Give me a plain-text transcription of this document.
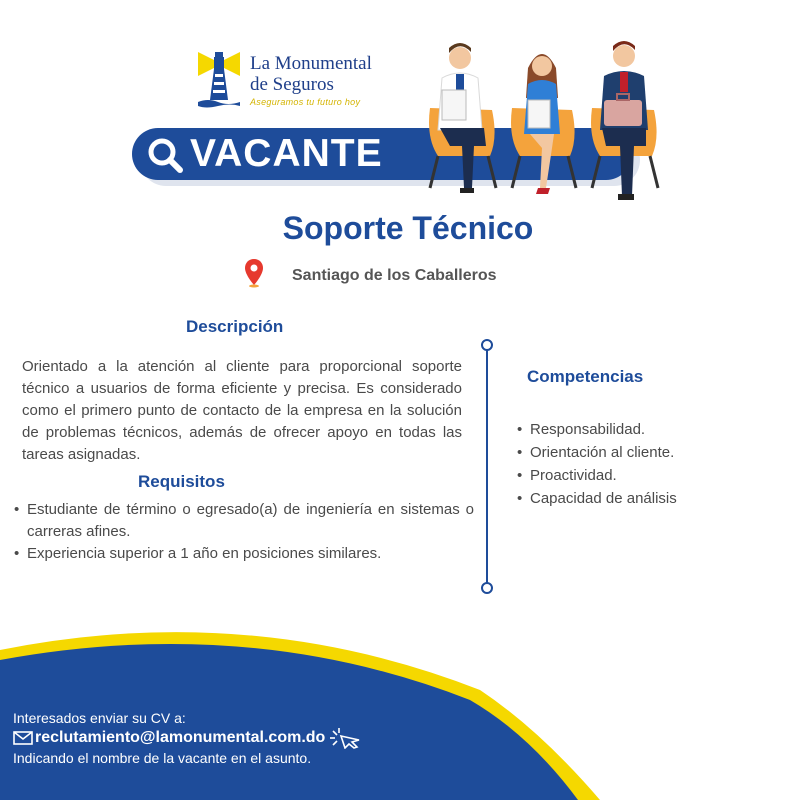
La Monumental
de Seguros
Aseguramos tu futuro hoy
VACANTE
Soporte Técnico
Santiago de los Caballeros
Descripción

Orientado a la atención al cliente para proporcional soporte técnico a usuarios de forma eficiente y precisa. Es considerado como el primero punto de contacto de la empresa en la solución de problemas técnicos, además de ofrecer apoyo en todas las tareas asignadas.

Requisitos
• Estudiante de término o egresado(a) de ingeniería en sistemas o carreras afines.
• Experiencia superior a 1 año en posiciones similares.
Competencias
• Responsabilidad.
• Orientación al cliente.
• Proactividad.
• Capacidad de análisis
Interesados enviar su CV a:
reclutamiento@lamonumental.com.do
Indicando el nombre de la vacante en el asunto.
